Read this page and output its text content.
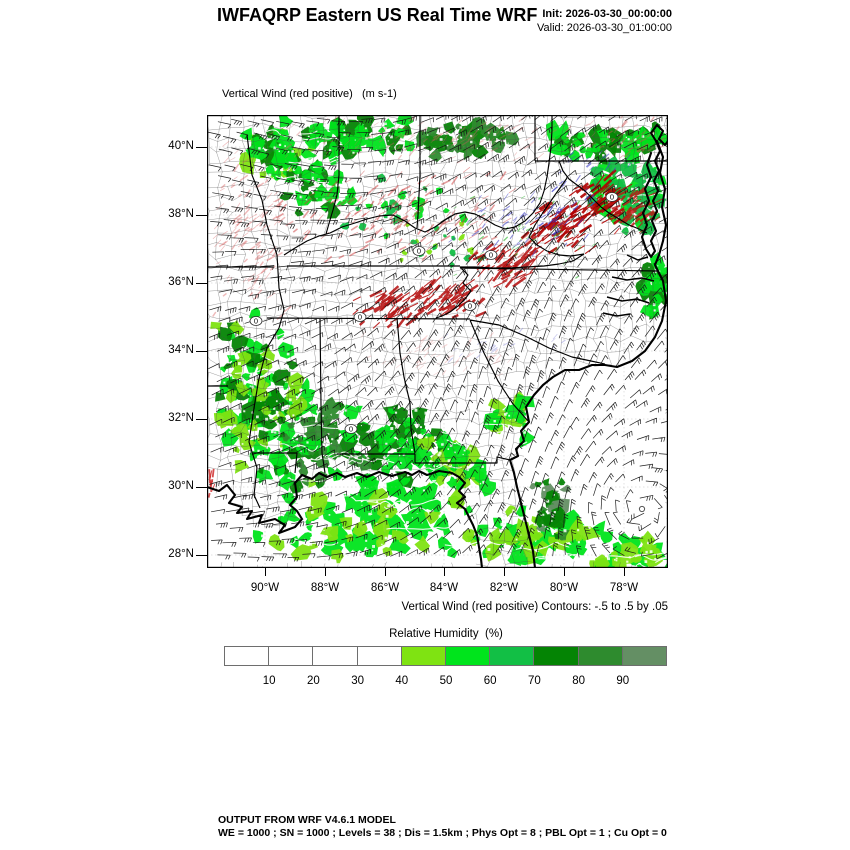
IWFAQRP Eastern US Real Time WRF Init: 2026-03-30_00:00:00
Valid: 2026-03-30_01:00:00

Vertical Wind (red positive)   (m s-1)

0	0
0
0
0
0
0
40°N
38°N
36°N
34°N
32°N
30°N
28°N
90°W	88°W	86°W	84°W	82°W	80°W	78°W
Vertical Wind (red positive) Contours: -.5 to .5 by .05
Relative Humidity  (%)
10	20	30	40	50	60	70	80	90
OUTPUT FROM WRF V4.6.1 MODEL
WE = 1000 ; SN = 1000 ; Levels = 38 ; Dis = 1.5km ; Phys Opt = 8 ; PBL Opt = 1 ; Cu Opt = 0
